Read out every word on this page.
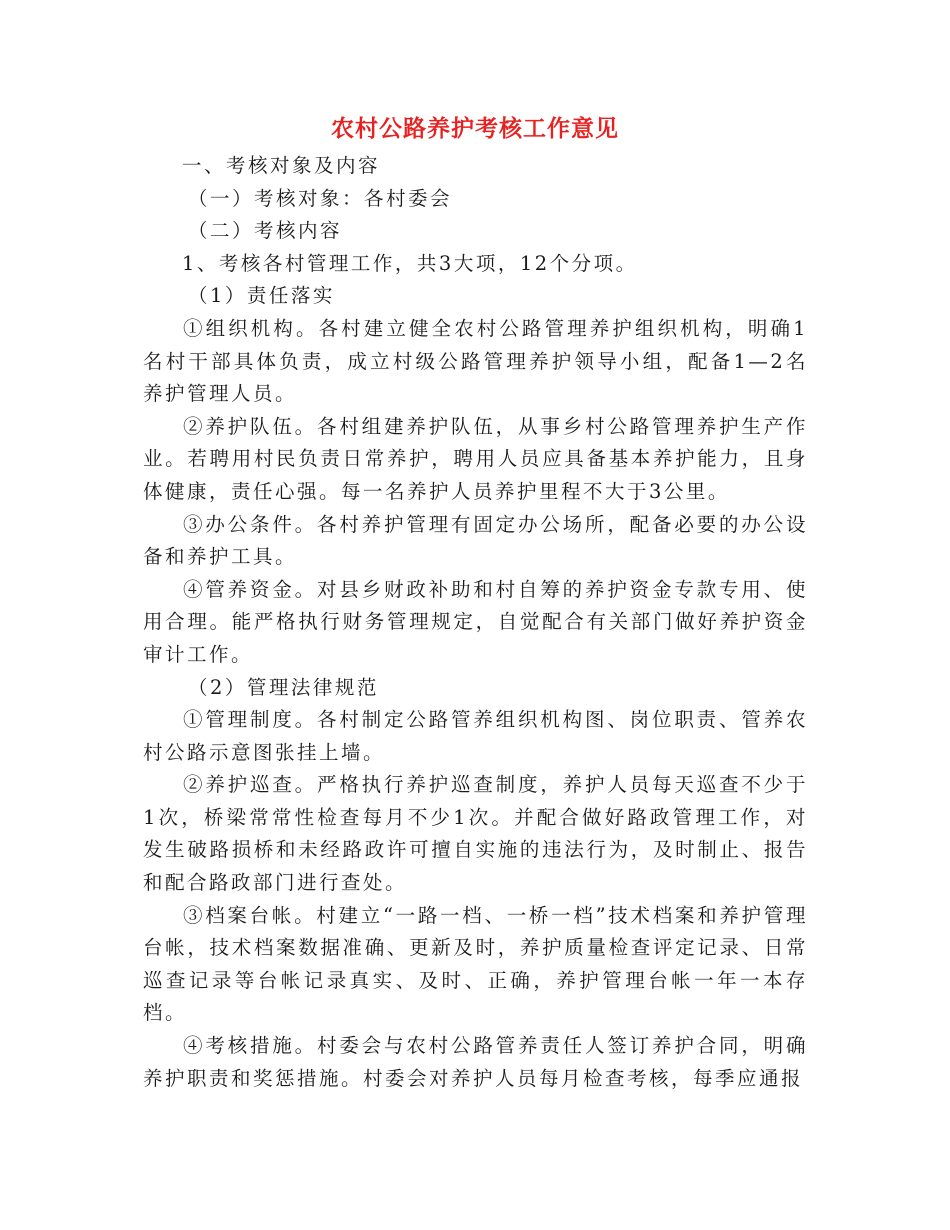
农村公路养护考核工作意见

一、考核对象及内容

（一）考核对象：各村委会

（二）考核内容

1、考核各村管理工作，共3大项，12个分项。

（1）责任落实

①组织机构。各村建立健全农村公路管理养护组织机构，明确1名村干部具体负责，成立村级公路管理养护领导小组，配备1—2名养护管理人员。

②养护队伍。各村组建养护队伍，从事乡村公路管理养护生产作业。若聘用村民负责日常养护，聘用人员应具备基本养护能力，且身体健康，责任心强。每一名养护人员养护里程不大于3公里。

③办公条件。各村养护管理有固定办公场所，配备必要的办公设备和养护工具。

④管养资金。对县乡财政补助和村自筹的养护资金专款专用、使用合理。能严格执行财务管理规定，自觉配合有关部门做好养护资金审计工作。

（2）管理法律规范

①管理制度。各村制定公路管养组织机构图、岗位职责、管养农村公路示意图张挂上墙。

②养护巡查。严格执行养护巡查制度，养护人员每天巡查不少于1次，桥梁常常性检查每月不少1次。并配合做好路政管理工作，对发生破路损桥和未经路政许可擅自实施的违法行为，及时制止、报告和配合路政部门进行查处。

③档案台帐。村建立“一路一档、一桥一档”技术档案和养护管理台帐，技术档案数据准确、更新及时，养护质量检查评定记录、日常巡查记录等台帐记录真实、及时、正确，养护管理台帐一年一本存档。

④考核措施。村委会与农村公路管养责任人签订养护合同，明确养护职责和奖惩措施。村委会对养护人员每月检查考核，每季应通报
